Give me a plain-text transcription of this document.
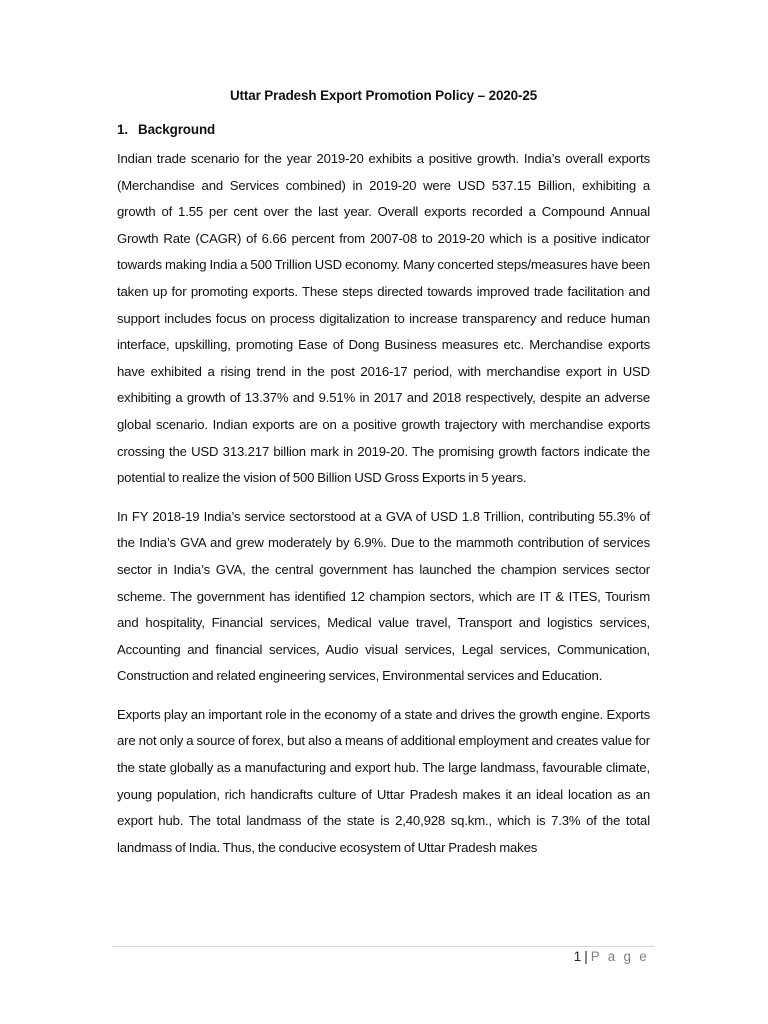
Uttar Pradesh Export Promotion Policy – 2020-25
1. Background

Indian trade scenario for the year 2019-20 exhibits a positive growth. India’s overall exports (Merchandise and Services combined) in 2019-20 were USD 537.15 Billion, exhibiting a growth of 1.55 per cent over the last year. Overall exports recorded a Compound Annual Growth Rate (CAGR) of 6.66 percent from 2007-08 to 2019-20 which is a positive indicator towards making India a 500 Trillion USD economy. Many concerted steps/measures have been taken up for promoting exports. These steps directed towards improved trade facilitation and support includes focus on process digitalization to increase transparency and reduce human interface, upskilling, promoting Ease of Dong Business measures etc. Merchandise exports have exhibited a rising trend in the post 2016-17 period, with merchandise export in USD exhibiting a growth of 13.37% and 9.51% in 2017 and 2018 respectively, despite an adverse global scenario. Indian exports are on a positive growth trajectory with merchandise exports crossing the USD 313.217 billion mark in 2019-20. The promising growth factors indicate the potential to realize the vision of 500 Billion USD Gross Exports in 5 years.

In FY 2018-19 India’s service sectorstood at a GVA of USD 1.8 Trillion, contributing 55.3% of the India’s GVA and grew moderately by 6.9%. Due to the mammoth contribution of services sector in India’s GVA, the central government has launched the champion services sector scheme. The government has identified 12 champion sectors, which are IT & ITES, Tourism and hospitality, Financial services, Medical value travel, Transport and logistics services, Accounting and financial services, Audio visual services, Legal services, Communication, Construction and related engineering services, Environmental services and Education.

Exports play an important role in the economy of a state and drives the growth engine. Exports are not only a source of forex, but also a means of additional employment and creates value for the state globally as a manufacturing and export hub. The large landmass, favourable climate, young population, rich handicrafts culture of Uttar Pradesh makes it an ideal location as an export hub. The total landmass of the state is 2,40,928 sq.km., which is 7.3% of the total landmass of India. Thus, the conducive ecosystem of Uttar Pradesh makes

1 | P a g e
